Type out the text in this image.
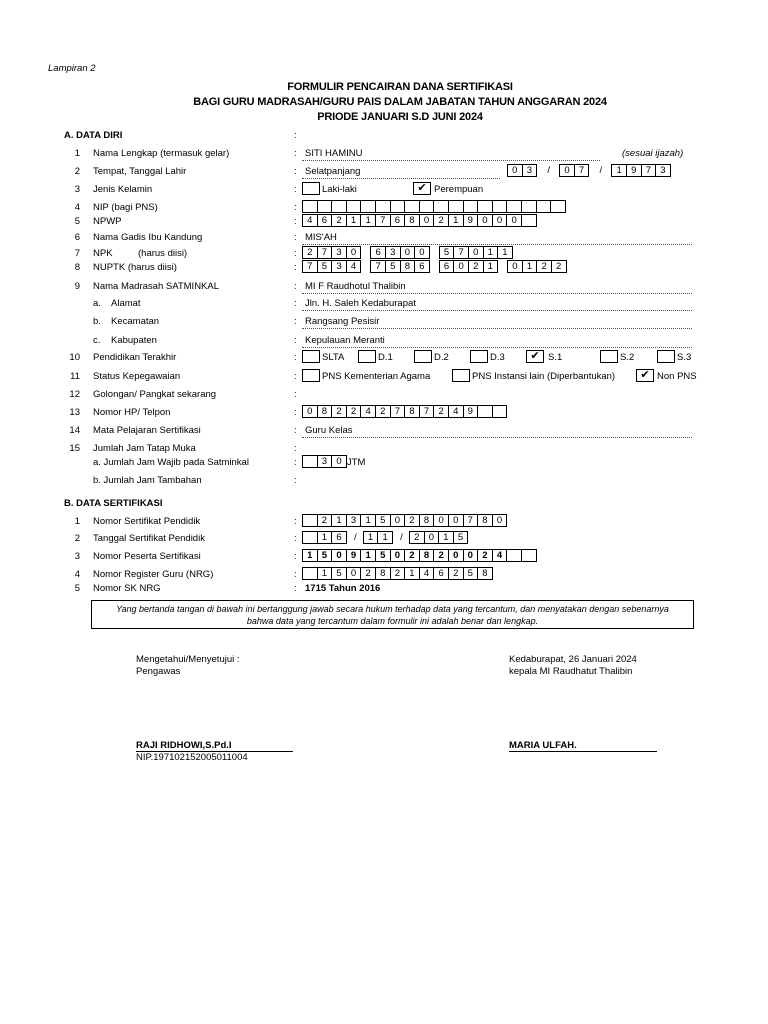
Lampiran 2
FORMULIR PENCAIRAN DANA SERTIFIKASI
BAGI GURU MADRASAH/GURU PAIS DALAM JABATAN TAHUN ANGGARAN 2024
PRIODE JANUARI S.D JUNI 2024
A. DATA DIRI	:
1 Nama Lengkap (termasuk gelar)	: SITI HAMINU	(sesuai ijazah)
2 Tempat, Tanggal Lahir	: Selatpanjang	0 3	/	0 7	/	1 9 7 3
3 Jenis Kelamin	:	Laki-laki	✔ Perempuan
4 NIP (bagi PNS)	:
5 NPWP	:	4 6 2 1 1 7 6 8 0 2 1 9 0 0 0
6 Nama Gadis Ibu Kandung	: MIS'AH
7 NPK	(harus diisi)	:	2 7 3 0	6 3 0 0	5 7 0 1 1
8 NUPTK (harus diisi)	:	7 5 3 4	7 5 8 6	6 0 2 1	0 1 2 2
9 Nama Madrasah SATMINKAL	: MI F Raudhotul Thalibin
a. Alamat	: Jln. H. Saleh Kedaburapat
b. Kecamatan	: Rangsang Pesisir
c. Kabupaten	: Kepulauan Meranti
10 Pendidikan Terakhir	:	SLTA	D.1	D.2	D.3	✔ S.1	S.2	S.3
11 Status Kepegawaian	:	PNS Kementerian Agama	PNS Instansi lain (Diperbantukan)	✔ Non PNS
12 Golongan/ Pangkat sekarang	:
13 Nomor HP/ Telpon	:	0 8 2 2 4 2 7 8 7 2 4 9
14 Mata Pelajaran Sertifikasi	: Guru Kelas
15 Jumlah Jam Tatap Muka	:
a. Jumlah Jam Wajib pada Satminkal	:	3 0 JTM
b. Jumlah Jam Tambahan	:
B. DATA SERTIFIKASI
1 Nomor Sertifikat Pendidik	:	2 1 3 1 5 0 2 8 0 0 7 8 0
2 Tanggal Sertifikat Pendidik	:	1 6	/	1 1	/	2 0 1 5
3 Nomor Peserta Sertifikasi	:	1 5 0 9 1 5 0 2 8 2 0 0 2 4
4 Nomor Register Guru (NRG)	:	1 5 0 2 8 2 1 4 6 2 5 8
5 Nomor SK NRG	: 1715 Tahun 2016
Yang bertanda tangan di bawah ini bertanggung jawab secara hukum terhadap data yang tercantum, dan menyatakan dengan sebenarnya
bahwa data yang tercantum dalam formulir ini adalah benar dan lengkap.
Mengetahui/Menyetujui :
Pengawas
RAJI RIDHOWI,S.Pd.I
NIP.197102152005011004
Kedaburapat, 26 Januari 2024
kepala MI Raudhatut Thalibin
MARIA ULFAH.
